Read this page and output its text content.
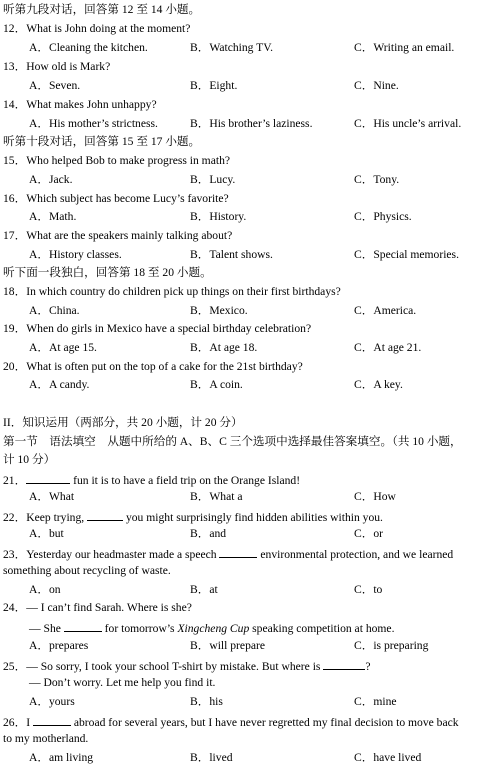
听第九段对话，回答第 12 至 14 小题。
12．What is John doing at the moment?
A．Cleaning the kitchen.	B．Watching TV.	C．Writing an email.
13．How old is Mark?
A．Seven.	B．Eight.	C．Nine.
14．What makes John unhappy?
A．His mother’s strictness.	B．His brother’s laziness.	C．His uncle’s arrival.
听第十段对话，回答第 15 至 17 小题。
15．Who helped Bob to make progress in math?
A．Jack.	B．Lucy.	C．Tony.
16．Which subject has become Lucy’s favorite?
A．Math.	B．History.	C．Physics.
17．What are the speakers mainly talking about?
A．History classes.	B．Talent shows.	C．Special memories.
听下面一段独白，回答第 18 至 20 小题。
18．In which country do children pick up things on their first birthdays?
A．China.	B．Mexico.	C．America.
19．When do girls in Mexico have a special birthday celebration?
A．At age 15.	B．At age 18.	C．At age 21.
20．What is often put on the top of a cake for the 21st birthday?
A．A candy.	B．A coin.	C．A key.
II．知识运用（两部分，共 20 小题，计 20 分）
第一节　语法填空　从题中所给的 A、B、C 三个选项中选择最佳答案填空。（共 10 小题，
计 10 分）
21．	fun it is to have a field trip on the Orange Island!
A．What	B．What a	C．How
22．Keep trying,	you might surprisingly find hidden abilities within you.
A．but	B．and	C．or
23．Yesterday our headmaster made a speech	environmental protection, and we learned
something about recycling of waste.
A．on	B．at	C．to
24．— I can’t find Sarah. Where is she?
— She	for tomorrow’s Xingcheng Cup speaking competition at home.
A．prepares	B．will prepare	C．is preparing
25．— So sorry, I took your school T-shirt by mistake. But where is	?
— Don’t worry. Let me help you find it.
A．yours	B．his	C．mine
26．I	abroad for several years, but I have never regretted my final decision to move back
to my motherland.
A．am living	B．lived	C．have lived
